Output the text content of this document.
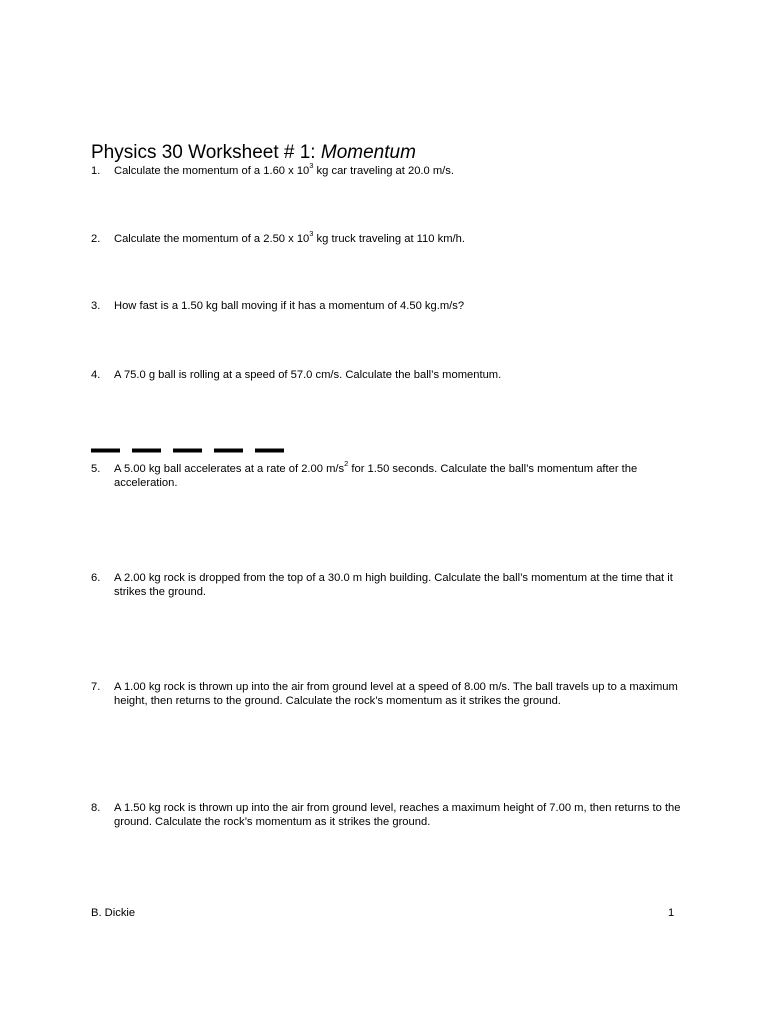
Physics 30 Worksheet # 1: Momentum
1. Calculate the momentum of a 1.60 x $10^3$ kg car traveling at 20.0 m/s.
2. Calculate the momentum of a 2.50 x $10^3$ kg truck traveling at 110 km/h.
3. How fast is a 1.50 kg ball moving if it has a momentum of 4.50 kg.m/s?
4. A 75.0 g ball is rolling at a speed of 57.0 cm/s. Calculate the ball’s momentum.
5. A 5.00 kg ball accelerates at a rate of 2.00 $m/s^2$ for 1.50 seconds. Calculate the ball’s momentum after the acceleration.
6. A 2.00 kg rock is dropped from the top of a 30.0 m high building. Calculate the ball’s momentum at the time that it strikes the ground.
7. A 1.00 kg rock is thrown up into the air from ground level at a speed of 8.00 m/s. The ball travels up to a maximum height, then returns to the ground. Calculate the rock’s momentum as it strikes the ground.
8. A 1.50 kg rock is thrown up into the air from ground level, reaches a maximum height of 7.00 m, then returns to the ground. Calculate the rock’s momentum as it strikes the ground.
B. Dickie	1
